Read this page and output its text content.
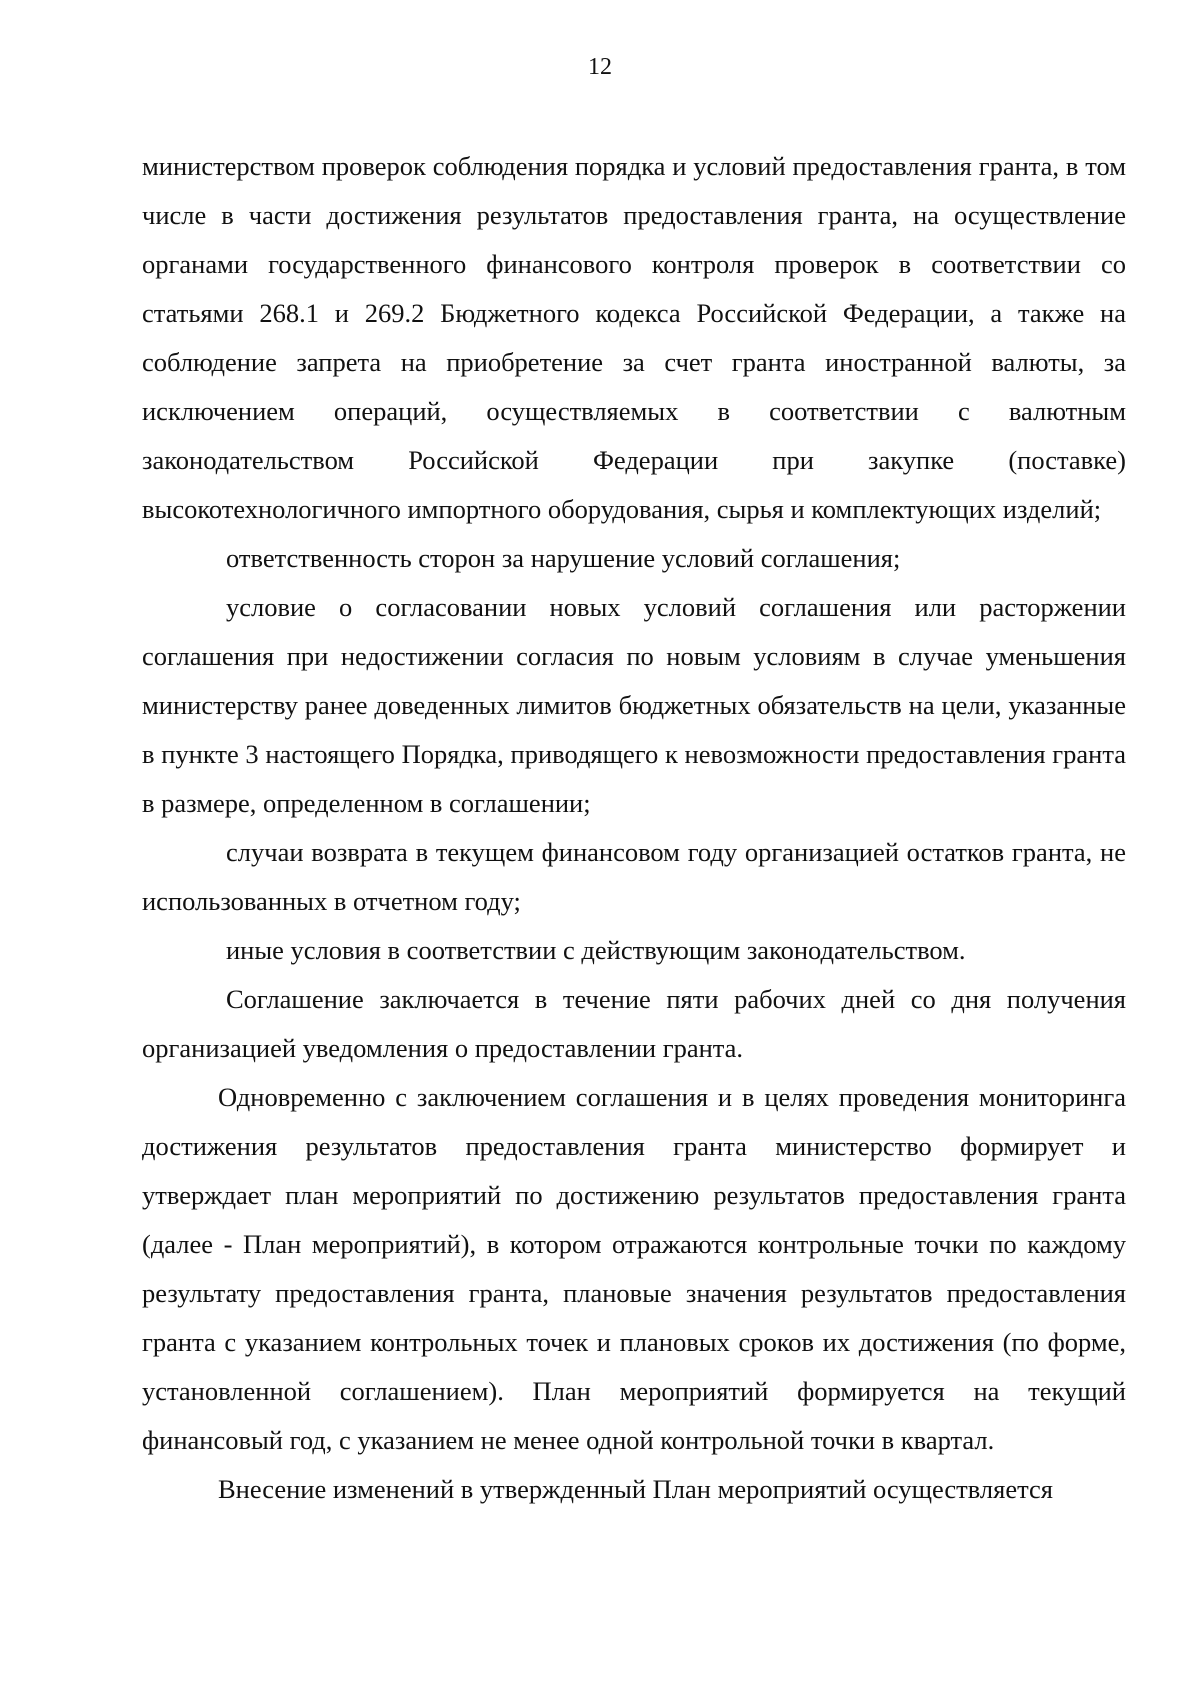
12

министерством проверок соблюдения порядка и условий предоставления гранта, в том числе в части достижения результатов предоставления гранта, на осуществление органами государственного финансового контроля проверок в соответствии со статьями 268.1 и 269.2 Бюджетного кодекса Российской Федерации, а также на соблюдение запрета на приобретение за счет гранта иностранной валюты, за исключением операций, осуществляемых в соответствии с валютным законодательством Российской Федерации при закупке (поставке) высокотехнологичного импортного оборудования, сырья и комплектующих изделий;

ответственность сторон за нарушение условий соглашения;

условие о согласовании новых условий соглашения или расторжении соглашения при недостижении согласия по новым условиям в случае уменьшения министерству ранее доведенных лимитов бюджетных обязательств на цели, указанные в пункте 3 настоящего Порядка, приводящего к невозможности предоставления гранта в размере, определенном в соглашении;

случаи возврата в текущем финансовом году организацией остатков гранта, не использованных в отчетном году;

иные условия в соответствии с действующим законодательством.

Соглашение заключается в течение пяти рабочих дней со дня получения организацией уведомления о предоставлении гранта.

Одновременно с заключением соглашения и в целях проведения мониторинга достижения результатов предоставления гранта министерство формирует и утверждает план мероприятий по достижению результатов предоставления гранта (далее - План мероприятий), в котором отражаются контрольные точки по каждому результату предоставления гранта, плановые значения результатов предоставления гранта с указанием контрольных точек и плановых сроков их достижения (по форме, установленной соглашением). План мероприятий формируется на текущий финансовый год, с указанием не менее одной контрольной точки в квартал.

Внесение изменений в утвержденный План мероприятий осуществляется
